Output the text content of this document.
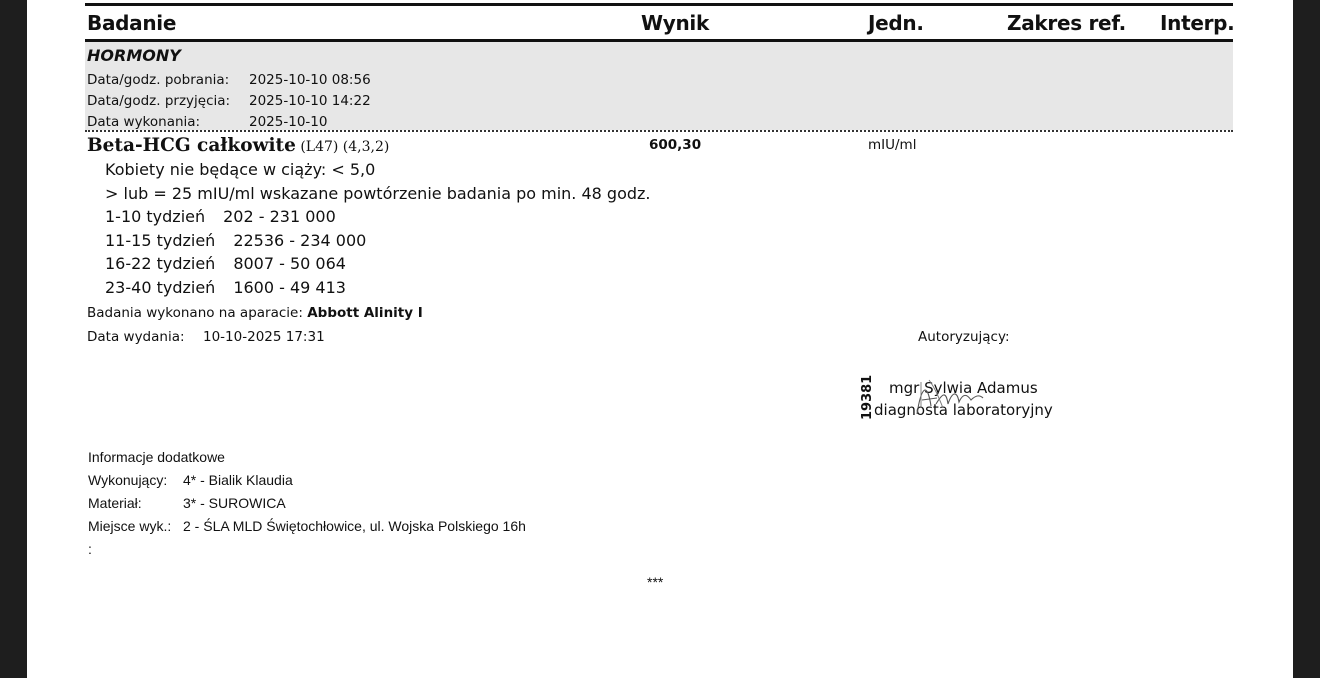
Badanie	Wynik	Jedn.	Zakres ref. Interp.
HORMONY
Data/godz. pobrania: 2025-10-10 08:56
Data/godz. przyjęcia: 2025-10-10 14:22
Data wykonania:	2025-10-10
Beta-HCG całkowite (L47) (4,3,2)	600,30	mIU/ml
Kobiety nie będące w ciąży: < 5,0
> lub = 25 mIU/ml wskazane powtórzenie badania po min. 48 godz.
1-10 tydzień 202 - 231 000
11-15 tydzień 22536 - 234 000
16-22 tydzień 8007 - 50 064
23-40 tydzień 1600 - 49 413
Badania wykonano na aparacie: Abbott Alinity I
Data wydania: 10-10-2025 17:31	Autoryzujący:
19381 mgr Sylwia Adamus
diagnosta laboratoryjny
Informacje dodatkowe
Wykonujący: 4* - Bialik Klaudia
Materiał:	3* - SUROWICA
Miejsce wyk.: 2 - ŚLA MLD Świętochłowice, ul. Wojska Polskiego 16h
:
***
